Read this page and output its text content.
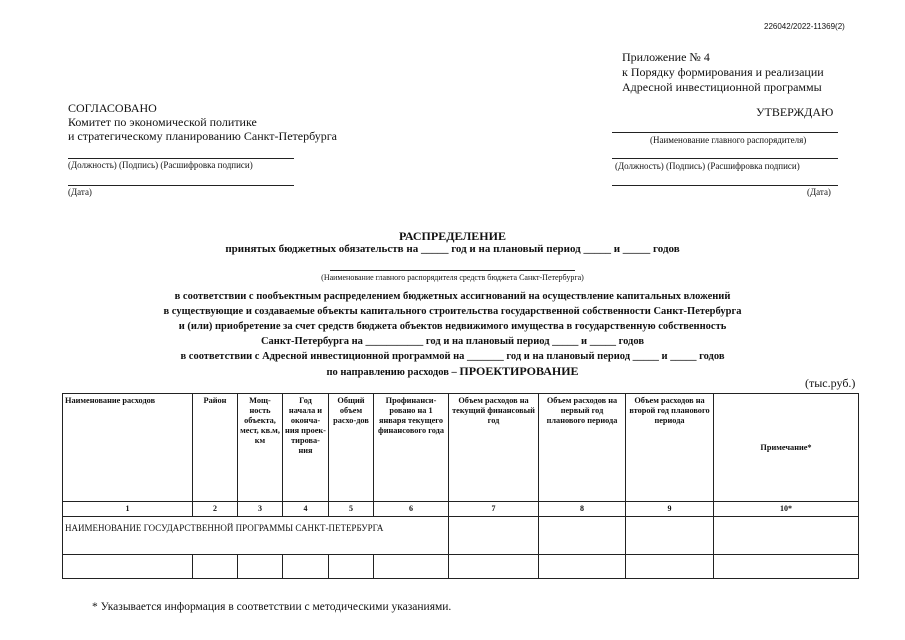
226042/2022-11369(2)
Приложение № 4
к Порядку формирования и реализации
Адресной инвестиционной программы
СОГЛАСОВАНО
Комитет по экономической политике
и стратегическому планированию Санкт-Петербурга
(Должность) (Подпись) (Расшифровка подписи)
(Дата)
УТВЕРЖДАЮ
(Наименование главного распорядителя)
(Должность) (Подпись) (Расшифровка подписи)
(Дата)
РАСПРЕДЕЛЕНИЕ
принятых бюджетных обязательств на _____ год и на плановый период _____ и _____ годов
(Наименование главного распорядителя средств бюджета Санкт-Петербурга)
в соответствии с пообъектным распределением бюджетных ассигнований на осуществление капитальных вложений
в существующие и создаваемые объекты капитального строительства государственной собственности Санкт-Петербурга
и (или) приобретение за счет средств бюджета объектов недвижимого имущества в государственную собственность
Санкт-Петербурга на ___________ год и на плановый период _____ и _____ годов
в соответствии с Адресной инвестиционной программой на _______ год и на плановый период _____ и _____ годов
по направлению расходов – ПРОЕКТИРОВАНИЕ
(тыс.руб.)
Наименование расходов	Район	Мощ-ность объекта, мест, кв.м, км	Год начала и оконча-ния проек-тирова-ния	Общий объем расхо-дов	Профинанси-ровано на 1 января текущего финансового года	Объем расходов на текущий финансовый год	Объем расходов на первый год планового периода	Объем расходов на второй год планового периода	Примечание*
1	2	3	4	5	6	7	8	9	10*
НАИМЕНОВАНИЕ ГОСУДАРСТВЕННОЙ ПРОГРАММЫ САНКТ-ПЕТЕРБУРГА									

* Указывается информация в соответствии с методическими указаниями.
